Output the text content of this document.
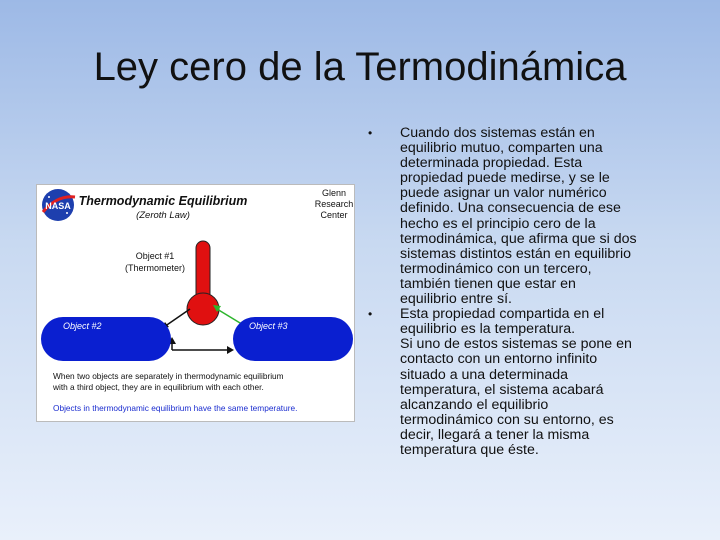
Ley cero de la Termodinámica
NASA Thermodynamic Equilibrium
(Zeroth Law)
Glenn
Research
Center
Object #1
(Thermometer)
Object #2	Object #3
When two objects are separately in thermodynamic equilibrium
with a third object, they are in equilibrium with each other.
Objects in thermodynamic equilibrium have the same temperature.
• Cuando dos sistemas están en
equilibrio mutuo, comparten una
determinada propiedad. Esta
propiedad puede medirse, y se le
puede asignar un valor numérico
definido. Una consecuencia de ese
hecho es el principio cero de la
termodinámica, que afirma que si dos
sistemas distintos están en equilibrio
termodinámico con un tercero,
también tienen que estar en
equilibrio entre sí.
• Esta propiedad compartida en el
equilibrio es la temperatura.
Si uno de estos sistemas se pone en
contacto con un entorno infinito
situado a una determinada
temperatura, el sistema acabará
alcanzando el equilibrio
termodinámico con su entorno, es
decir, llegará a tener la misma
temperatura que éste.
